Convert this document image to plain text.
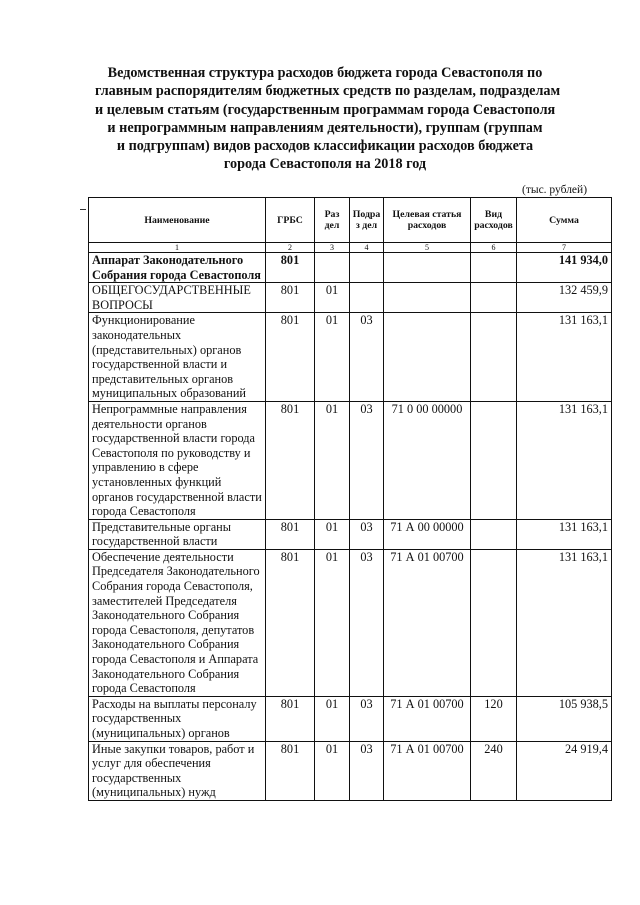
Ведомственная структура расходов бюджета города Севастополя по
главным распорядителям бюджетных средств по разделам, подразделам
и целевым статьям (государственным программам города Севастополя
и непрограммным направлениям деятельности), группам (группам
и подгруппам) видов расходов классификации расходов бюджета
города Севастополя на 2018 год
(тыс. рублей)
Наименование	ГРБС	Раз дел	Подраз дел	Целевая статья расходов	Вид расходов	Сумма
1	2	3	4	5	6	7
Аппарат Законодательного Собрания города Севастополя	801					141 934,0
ОБЩЕГОСУДАРСТВЕННЫЕ ВОПРОСЫ	801	01				132 459,9
Функционирование законодательных (представительных) органов государственной власти и представительных органов муниципальных образований	801	01	03			131 163,1
Непрограммные направления деятельности органов государственной власти города Севастополя по руководству и управлению в сфере установленных функций органов государственной власти города Севастополя	801	01	03	71 0 00 00000		131 163,1
Представительные органы государственной власти	801	01	03	71 А 00 00000		131 163,1
Обеспечение деятельности Председателя Законодательного Собрания города Севастополя, заместителей Председателя Законодательного Собрания города Севастополя, депутатов Законодательного Собрания города Севастополя и Аппарата Законодательного Собрания города Севастополя	801	01	03	71 А 01 00700		131 163,1
Расходы на выплаты персоналу государственных (муниципальных) органов	801	01	03	71 А 01 00700	120	105 938,5
Иные закупки товаров, работ и услуг для обеспечения государственных (муниципальных) нужд	801	01	03	71 А 01 00700	240	24 919,4
